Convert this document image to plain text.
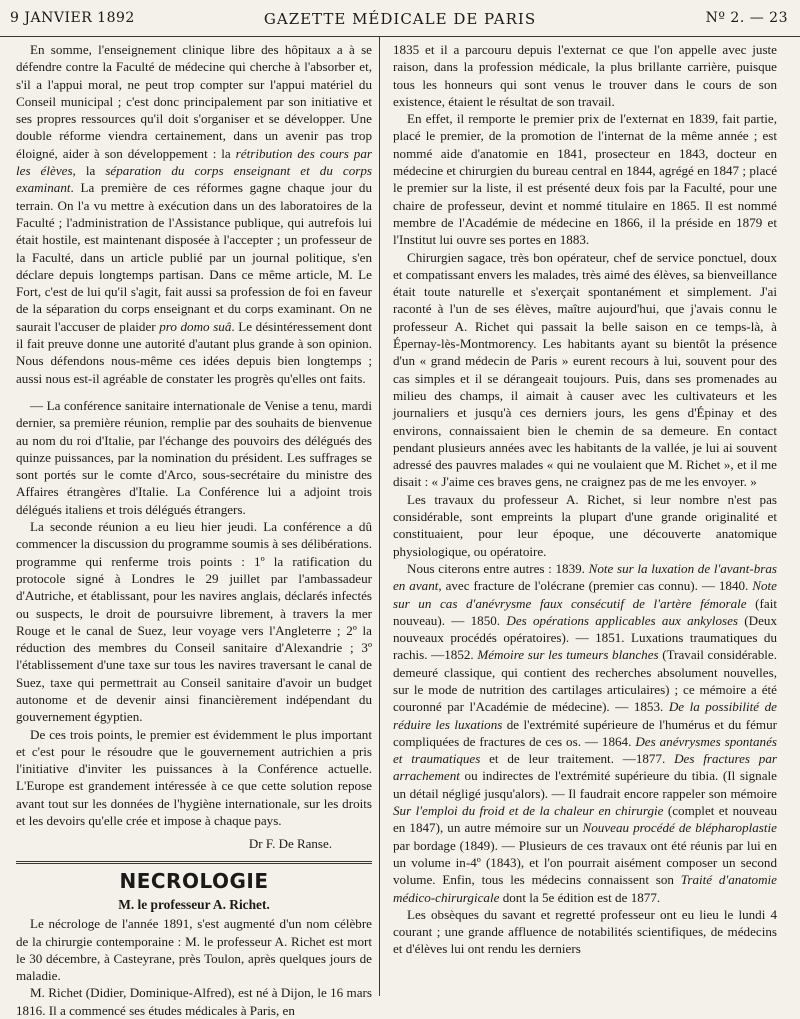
9 JANVIER 1892	GAZETTE MÉDICALE DE PARIS	Nº 2. — 23

En somme, l'enseignement clinique libre des hôpitaux a à se défendre contre la Faculté de médecine qui cherche à l'absorber et, s'il a l'appui moral, ne peut trop compter sur l'appui matériel du Conseil municipal ; c'est donc principalement par son initiative et ses propres ressources qu'il doit s'organiser et se développer. Une double réforme viendra certainement, dans un avenir pas trop éloigné, aider à son développement : la rétribution des cours par les élèves, la séparation du corps enseignant et du corps examinant. La première de ces réformes gagne chaque jour du terrain. On l'a vu mettre à exécution dans un des laboratoires de la Faculté ; l'administration de l'Assistance publique, qui autrefois lui était hostile, est maintenant disposée à l'accepter ; un professeur de la Faculté, dans un article publié par un journal politique, s'en déclare depuis longtemps partisan. Dans ce même article, M. Le Fort, c'est de lui qu'il s'agit, fait aussi sa profession de foi en faveur de la séparation du corps enseignant et du corps examinant. On ne saurait l'accuser de plaider pro domo suâ. Le désintéressement dont il fait preuve donne une autorité d'autant plus grande à son opinion. Nous défendons nous-même ces idées depuis bien longtemps ; aussi nous est-il agréable de constater les progrès qu'elles ont faits.

— La conférence sanitaire internationale de Venise a tenu, mardi dernier, sa première réunion, remplie par des souhaits de bienvenue au nom du roi d'Italie, par l'échange des pouvoirs des délégués des quinze puissances, par la nomination du président. Les suffrages se sont portés sur le comte d'Arco, sous-secrétaire du ministre des Affaires étrangères d'Italie. La Conférence lui a adjoint trois délégués italiens et trois délégués étrangers.

La seconde réunion a eu lieu hier jeudi. La conférence a dû commencer la discussion du programme soumis à ses délibérations. programme qui renferme trois points : 1º la ratification du protocole signé à Londres le 29 juillet par l'ambassadeur d'Autriche, et établissant, pour les navires anglais, déclarés infectés ou suspects, le droit de poursuivre librement, à travers la mer Rouge et le canal de Suez, leur voyage vers l'Angleterre ; 2º la réduction des membres du Conseil sanitaire d'Alexandrie ; 3º l'établissement d'une taxe sur tous les navires traversant le canal de Suez, taxe qui permettrait au Conseil sanitaire d'avoir un budget autonome et de devenir ainsi financièrement indépendant du gouvernement égyptien.

De ces trois points, le premier est évidemment le plus important et c'est pour le résoudre que le gouvernement autrichien a pris l'initiative d'inviter les puissances à la Conférence actuelle. L'Europe est grandement intéressée à ce que cette solution repose avant tout sur les données de l'hygiène internationale, sur les droits et les devoirs qu'elle crée et impose à chaque pays.

Dr F. De Ranse.
NECROLOGIE
M. le professeur A. Richet.

Le nécrologe de l'année 1891, s'est augmenté d'un nom célèbre de la chirurgie contemporaine : M. le professeur A. Richet est mort le 30 décembre, à Casteyrane, près Toulon, après quelques jours de maladie.

M. Richet (Didier, Dominique-Alfred), est né à Dijon, le 16 mars 1816. Il a commencé ses études médicales à Paris, en

1835 et il a parcouru depuis l'externat ce que l'on appelle avec juste raison, dans la profession médicale, la plus brillante carrière, puisque tous les honneurs qui sont venus le trouver dans le cours de son existence, étaient le résultat de son travail.

En effet, il remporte le premier prix de l'externat en 1839, fait partie, placé le premier, de la promotion de l'internat de la même année ; est nommé aide d'anatomie en 1841, prosecteur en 1843, docteur en médecine et chirurgien du bureau central en 1844, agrégé en 1847 ; placé le premier sur la liste, il est présenté deux fois par la Faculté, pour une chaire de professeur, devint et nommé titulaire en 1865. Il est nommé membre de l'Académie de médecine en 1866, il la préside en 1879 et l'Institut lui ouvre ses portes en 1883.

Chirurgien sagace, très bon opérateur, chef de service ponctuel, doux et compatissant envers les malades, très aimé des élèves, sa bienveillance était toute naturelle et s'exerçait spontanément et simplement. J'ai raconté à l'un de ses élèves, maître aujourd'hui, que j'avais connu le professeur A. Richet qui passait la belle saison en ce temps-là, à Épernay-lès-Montmorency. Les habitants ayant su bientôt la présence d'un « grand médecin de Paris » eurent recours à lui, souvent pour des cas simples et il se dérangeait toujours. Puis, dans ses promenades au milieu des champs, il aimait à causer avec les cultivateurs et les journaliers et jusqu'à ces derniers jours, les gens d'Épinay et des environs, connaissaient bien le chemin de sa demeure. En contact pendant plusieurs années avec les habitants de la vallée, je lui ai souvent adressé des pauvres malades « qui ne voulaient que M. Richet », et il me disait : « J'aime ces braves gens, ne craignez pas de me les envoyer. »

Les travaux du professeur A. Richet, si leur nombre n'est pas considérable, sont empreints la plupart d'une grande originalité et constituaient, pour leur époque, une découverte anatomique physiologique, ou opératoire.

Nous citerons entre autres : 1839. Note sur la luxation de l'avant-bras en avant, avec fracture de l'olécrane (premier cas connu). — 1840. Note sur un cas d'anévrysme faux consécutif de l'artère fémorale (fait nouveau). — 1850. Des opérations applicables aux ankyloses (Deux nouveaux procédés opératoires). — 1851. Luxations traumatiques du rachis. —1852. Mémoire sur les tumeurs blanches (Travail considérable. demeuré classique, qui contient des recherches absolument nouvelles, sur le mode de nutrition des cartilages articulaires) ; ce mémoire a été couronné par l'Académie de médecine). — 1853. De la possibilité de réduire les luxations de l'extrémité supérieure de l'humérus et du fémur compliquées de fractures de ces os. — 1864. Des anévrysmes spontanés et traumatiques et de leur traitement. —1877. Des fractures par arrachement ou indirectes de l'extrémité supérieure du tibia. (Il signale un détail négligé jusqu'alors). — Il faudrait encore rappeler son mémoire Sur l'emploi du froid et de la chaleur en chirurgie (complet et nouveau en 1847), un autre mémoire sur un Nouveau procédé de blépharoplastie par bordage (1849). — Plusieurs de ces travaux ont été réunis par lui en un volume in-4º (1843), et l'on pourrait aisément composer un second volume. Enfin, tous les médecins connaissent son Traité d'anatomie médico-chirurgicale dont la 5e édition est de 1877.

Les obsèques du savant et regretté professeur ont eu lieu le lundi 4 courant ; une grande affluence de notabilités scientifiques, de médecins et d'élèves lui ont rendu les derniers
